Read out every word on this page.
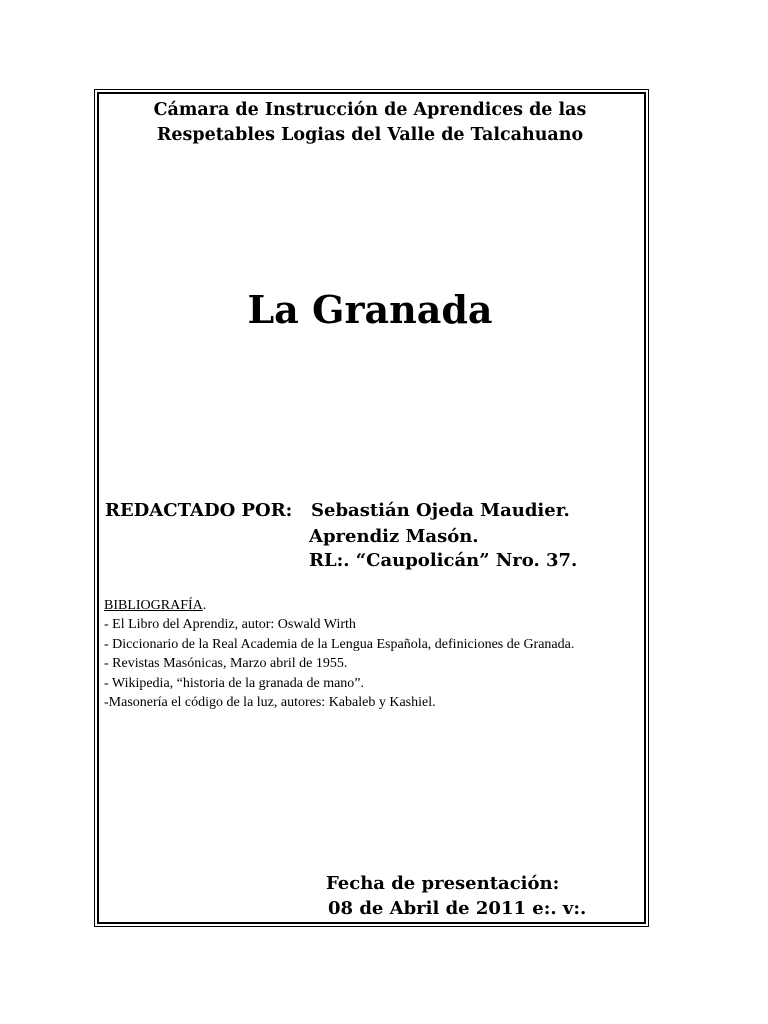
Cámara de Instrucción de Aprendices de las
Respetables Logias del Valle de Talcahuano
La Granada
REDACTADO POR: Sebastián Ojeda Maudier.
Aprendiz Masón.
RL:. “Caupolicán” Nro. 37.
BIBLIOGRAFÍA.
- El Libro del Aprendiz, autor: Oswald Wirth
- Diccionario de la Real Academia de la Lengua Española, definiciones de Granada.
- Revistas Masónicas, Marzo abril de 1955.
- Wikipedia, “historia de la granada de mano”.
-Masonería el código de la luz, autores: Kabaleb y Kashiel.
Fecha de presentación:
08 de Abril de 2011 e:. v:.
